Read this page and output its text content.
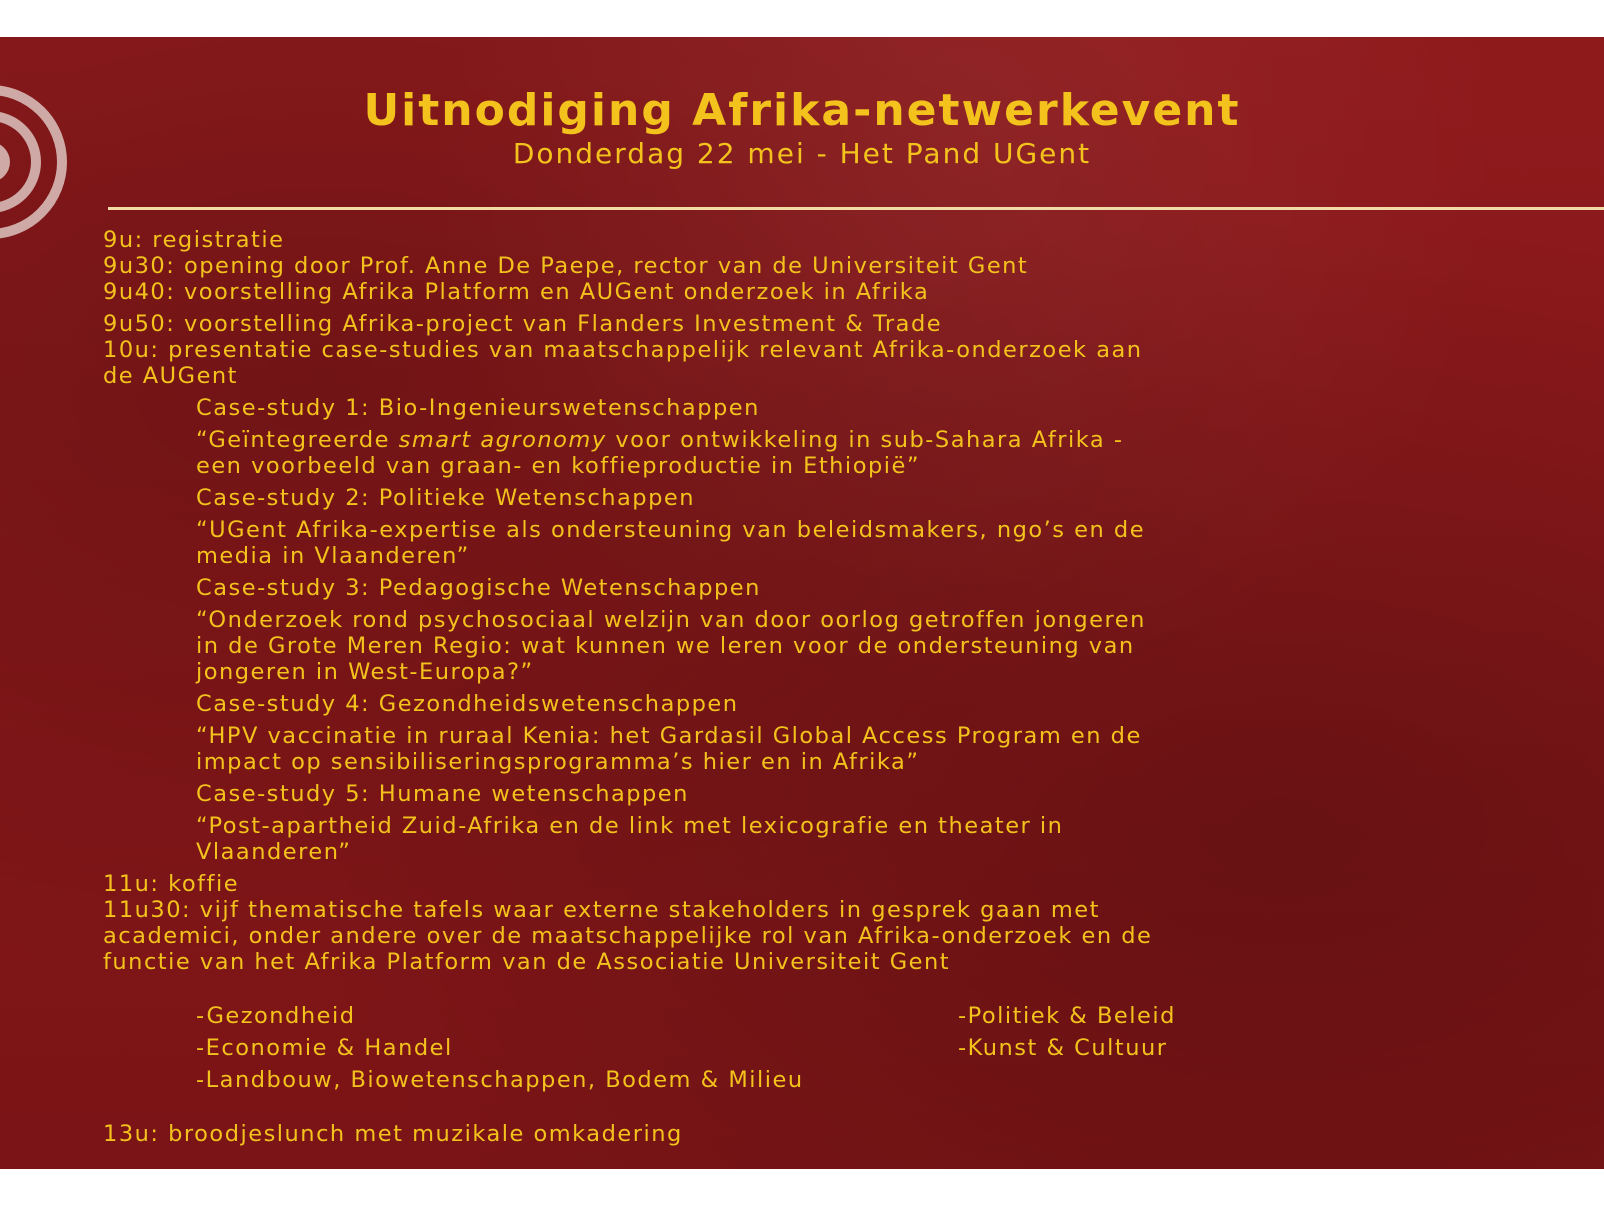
Uitnodiging Afrika-netwerkevent
Donderdag 22 mei - Het Pand UGent
9u: registratie
9u30: opening door Prof. Anne De Paepe, rector van de Universiteit Gent
9u40: voorstelling Afrika Platform en AUGent onderzoek in Afrika
9u50: voorstelling Afrika-project van Flanders Investment & Trade
10u: presentatie case-studies van maatschappelijk relevant Afrika-onderzoek aan
de AUGent
Case-study 1: Bio-Ingenieurswetenschappen
“Geïntegreerde smart agronomy voor ontwikkeling in sub-Sahara Afrika -
een voorbeeld van graan- en koffieproductie in Ethiopië”
Case-study 2: Politieke Wetenschappen
“UGent Afrika-expertise als ondersteuning van beleidsmakers, ngo’s en de
media in Vlaanderen”
Case-study 3: Pedagogische Wetenschappen
“Onderzoek rond psychosociaal welzijn van door oorlog getroffen jongeren
in de Grote Meren Regio: wat kunnen we leren voor de ondersteuning van
jongeren in West-Europa?”
Case-study 4: Gezondheidswetenschappen
“HPV vaccinatie in ruraal Kenia: het Gardasil Global Access Program en de
impact op sensibiliseringsprogramma’s hier en in Afrika”
Case-study 5: Humane wetenschappen
“Post-apartheid Zuid-Afrika en de link met lexicografie en theater in
Vlaanderen”
11u: koffie
11u30: vijf thematische tafels waar externe stakeholders in gesprek gaan met
academici, onder andere over de maatschappelijke rol van Afrika-onderzoek en de
functie van het Afrika Platform van de Associatie Universiteit Gent
-Gezondheid	-Politiek & Beleid
-Economie & Handel	-Kunst & Cultuur
-Landbouw, Biowetenschappen, Bodem & Milieu
13u: broodjeslunch met muzikale omkadering
